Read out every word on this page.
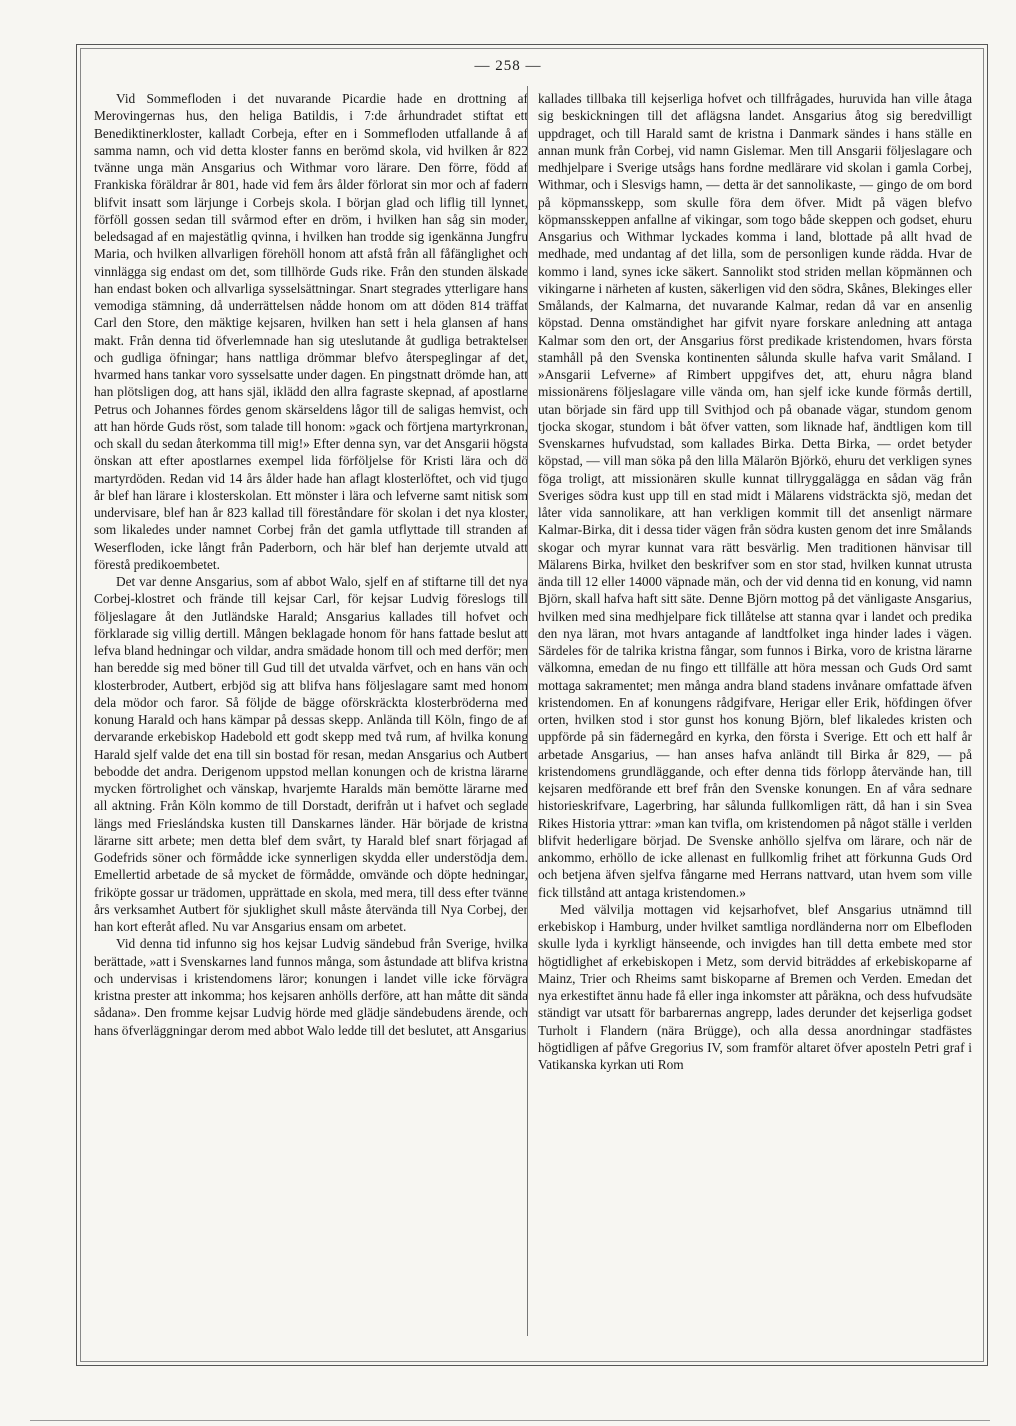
— 258 —

Vid Sommefloden i det nuvarande Picardie hade en drottning af Merovingernas hus, den heliga Batildis, i 7:de århundradet stiftat ett Benediktinerkloster, kalladt Corbeja, efter en i Sommefloden utfallande å af samma namn, och vid detta kloster fanns en berömd skola, vid hvilken år 822 tvänne unga män Ansgarius och Withmar voro lärare. Den förre, född af Frankiska föräldrar år 801, hade vid fem års ålder förlorat sin mor och af fadern blifvit insatt som lärjunge i Corbejs skola. I början glad och liflig till lynnet, förföll gossen sedan till svårmod efter en dröm, i hvilken han såg sin moder, beledsagad af en majestätlig qvinna, i hvilken han trodde sig igenkänna Jungfru Maria, och hvilken allvarligen förehöll honom att afstå från all fåfänglighet och vinnlägga sig endast om det, som tillhörde Guds rike. Från den stunden älskade han endast boken och allvarliga sysselsättningar. Snart stegrades ytterligare hans vemodiga stämning, då underrättelsen nådde honom om att döden 814 träffat Carl den Store, den mäktige kejsaren, hvilken han sett i hela glansen af hans makt. Från denna tid öfverlemnade han sig uteslutande åt gudliga betraktelser och gudliga öfningar; hans nattliga drömmar blefvo återspeglingar af det, hvarmed hans tankar voro sysselsatte under dagen. En pingstnatt drömde han, att han plötsligen dog, att hans själ, iklädd den allra fagraste skepnad, af apostlarne Petrus och Johannes fördes genom skärseldens lågor till de saligas hemvist, och att han hörde Guds röst, som talade till honom: »gack och förtjena martyrkronan, och skall du sedan återkomma till mig!» Efter denna syn, var det Ansgarii högsta önskan att efter apostlarnes exempel lida förföljelse för Kristi lära och dö martyrdöden. Redan vid 14 års ålder hade han aflagt klosterlöftet, och vid tjugo år blef han lärare i klosterskolan. Ett mönster i lära och lefverne samt nitisk som undervisare, blef han år 823 kallad till föreståndare för skolan i det nya kloster, som likaledes under namnet Corbej från det gamla utflyttade till stranden af Weserfloden, icke långt från Paderborn, och här blef han derjemte utvald att förestå predikoembetet.

Det var denne Ansgarius, som af abbot Walo, sjelf en af stiftarne till det nya Corbej-klostret och frände till kejsar Carl, för kejsar Ludvig föreslogs till följeslagare åt den Jutländske Harald; Ansgarius kallades till hofvet och förklarade sig villig dertill. Mången beklagade honom för hans fattade beslut att lefva bland hedningar och vildar, andra smädade honom till och med derför; men han beredde sig med böner till Gud till det utvalda värfvet, och en hans vän och klosterbroder, Autbert, erbjöd sig att blifva hans följeslagare samt med honom dela mödor och faror. Så följde de bägge oförskräckta klosterbröderna med konung Harald och hans kämpar på dessas skepp. Anlända till Köln, fingo de af dervarande erkebiskop Hadebold ett godt skepp med två rum, af hvilka konung Harald sjelf valde det ena till sin bostad för resan, medan Ansgarius och Autbert bebodde det andra. Derigenom uppstod mellan konungen och de kristna lärarne mycken förtrolighet och vänskap, hvarjemte Haralds män bemötte lärarne med all aktning. Från Köln kommo de till Dorstadt, derifrån ut i hafvet och seglade längs med Frieslándska kusten till Danskarnes länder. Här började de kristna lärarne sitt arbete; men detta blef dem svårt, ty Harald blef snart förjagad af Godefrids söner och förmådde icke synnerligen skydda eller understödja dem. Emellertid arbetade de så mycket de förmådde, omvände och döpte hedningar, friköpte gossar ur trädomen, upprättade en skola, med mera, till dess efter tvänne års verksamhet Autbert för sjuklighet skull måste återvända till Nya Corbej, der han kort efteråt afled. Nu var Ansgarius ensam om arbetet.

Vid denna tid infunno sig hos kejsar Ludvig sändebud från Sverige, hvilka berättade, »att i Svenskarnes land funnos många, som åstundade att blifva kristna och undervisas i kristendomens läror; konungen i landet ville icke förvägra kristna prester att inkomma; hos kejsaren anhölls derföre, att han måtte dit sända sådana». Den fromme kejsar Ludvig hörde med glädje sändebudens ärende, och hans öfverläggningar derom med abbot Walo ledde till det beslutet, att Ansgarius

kallades tillbaka till kejserliga hofvet och tillfrågades, huruvida han ville åtaga sig beskickningen till det aflägsna landet. Ansgarius åtog sig beredvilligt uppdraget, och till Harald samt de kristna i Danmark sändes i hans ställe en annan munk från Corbej, vid namn Gislemar. Men till Ansgarii följeslagare och medhjelpare i Sverige utsågs hans fordne medlärare vid skolan i gamla Corbej, Withmar, och i Slesvigs hamn, — detta är det sannolikaste, — gingo de om bord på köpmansskepp, som skulle föra dem öfver. Midt på vägen blefvo köpmansskeppen anfallne af vikingar, som togo både skeppen och godset, ehuru Ansgarius och Withmar lyckades komma i land, blottade på allt hvad de medhade, med undantag af det lilla, som de personligen kunde rädda. Hvar de kommo i land, synes icke säkert. Sannolikt stod striden mellan köpmännen och vikingarne i närheten af kusten, säkerligen vid den södra, Skånes, Blekinges eller Smålands, der Kalmarna, det nuvarande Kalmar, redan då var en ansenlig köpstad. Denna omständighet har gifvit nyare forskare anledning att antaga Kalmar som den ort, der Ansgarius först predikade kristendomen, hvars första stamhåll på den Svenska kontinenten sålunda skulle hafva varit Småland. I »Ansgarii Lefverne» af Rimbert uppgifves det, att, ehuru några bland missionärens följeslagare ville vända om, han sjelf icke kunde förmås dertill, utan började sin färd upp till Svithjod och på obanade vägar, stundom genom tjocka skogar, stundom i båt öfver vatten, som liknade haf, ändtligen kom till Svenskarnes hufvudstad, som kallades Birka. Detta Birka, — ordet betyder köpstad, — vill man söka på den lilla Mälarön Björkö, ehuru det verkligen synes föga troligt, att missionären skulle kunnat tillryggalägga en sådan väg från Sveriges södra kust upp till en stad midt i Mälarens vidsträckta sjö, medan det låter vida sannolikare, att han verkligen kommit till det ansenligt närmare Kalmar-Birka, dit i dessa tider vägen från södra kusten genom det inre Smålands skogar och myrar kunnat vara rätt besvärlig. Men traditionen hänvisar till Mälarens Birka, hvilket den beskrifver som en stor stad, hvilken kunnat utrusta ända till 12 eller 14000 väpnade män, och der vid denna tid en konung, vid namn Björn, skall hafva haft sitt säte. Denne Björn mottog på det vänligaste Ansgarius, hvilken med sina medhjelpare fick tillåtelse att stanna qvar i landet och predika den nya läran, mot hvars antagande af landtfolket inga hinder lades i vägen. Särdeles för de talrika kristna fångar, som funnos i Birka, voro de kristna lärarne välkomna, emedan de nu fingo ett tillfälle att höra messan och Guds Ord samt mottaga sakramentet; men många andra bland stadens invånare omfattade äfven kristendomen. En af konungens rådgifvare, Herigar eller Erik, höfdingen öfver orten, hvilken stod i stor gunst hos konung Björn, blef likaledes kristen och uppförde på sin fädernegård en kyrka, den första i Sverige. Ett och ett half år arbetade Ansgarius, — han anses hafva anländt till Birka år 829, — på kristendomens grundläggande, och efter denna tids förlopp återvände han, till kejsaren medförande ett bref från den Svenske konungen. En af våra sednare historieskrifvare, Lagerbring, har sålunda fullkomligen rätt, då han i sin Svea Rikes Historia yttrar: »man kan tvifla, om kristendomen på något ställe i verlden blifvit hederligare börjad. De Svenske anhöllo sjelfva om lärare, och när de ankommo, erhöllo de icke allenast en fullkomlig frihet att förkunna Guds Ord och betjena äfven sjelfva fångarne med Herrans nattvard, utan hvem som ville fick tillstånd att antaga kristendomen.»

Med välvilja mottagen vid kejsarhofvet, blef Ansgarius utnämnd till erkebiskop i Hamburg, under hvilket samtliga nordländerna norr om Elbefloden skulle lyda i kyrkligt hänseende, och invigdes han till detta embete med stor högtidlighet af erkebiskopen i Metz, som dervid biträddes af erkebiskoparne af Mainz, Trier och Rheims samt biskoparne af Bremen och Verden. Emedan det nya erkestiftet ännu hade få eller inga inkomster att påräkna, och dess hufvudsäte ständigt var utsatt för barbarernas angrepp, lades derunder det kejserliga godset Turholt i Flandern (nära Brügge), och alla dessa anordningar stadfästes högtidligen af påfve Gregorius IV, som framför altaret öfver aposteln Petri graf i Vatikanska kyrkan uti Rom
